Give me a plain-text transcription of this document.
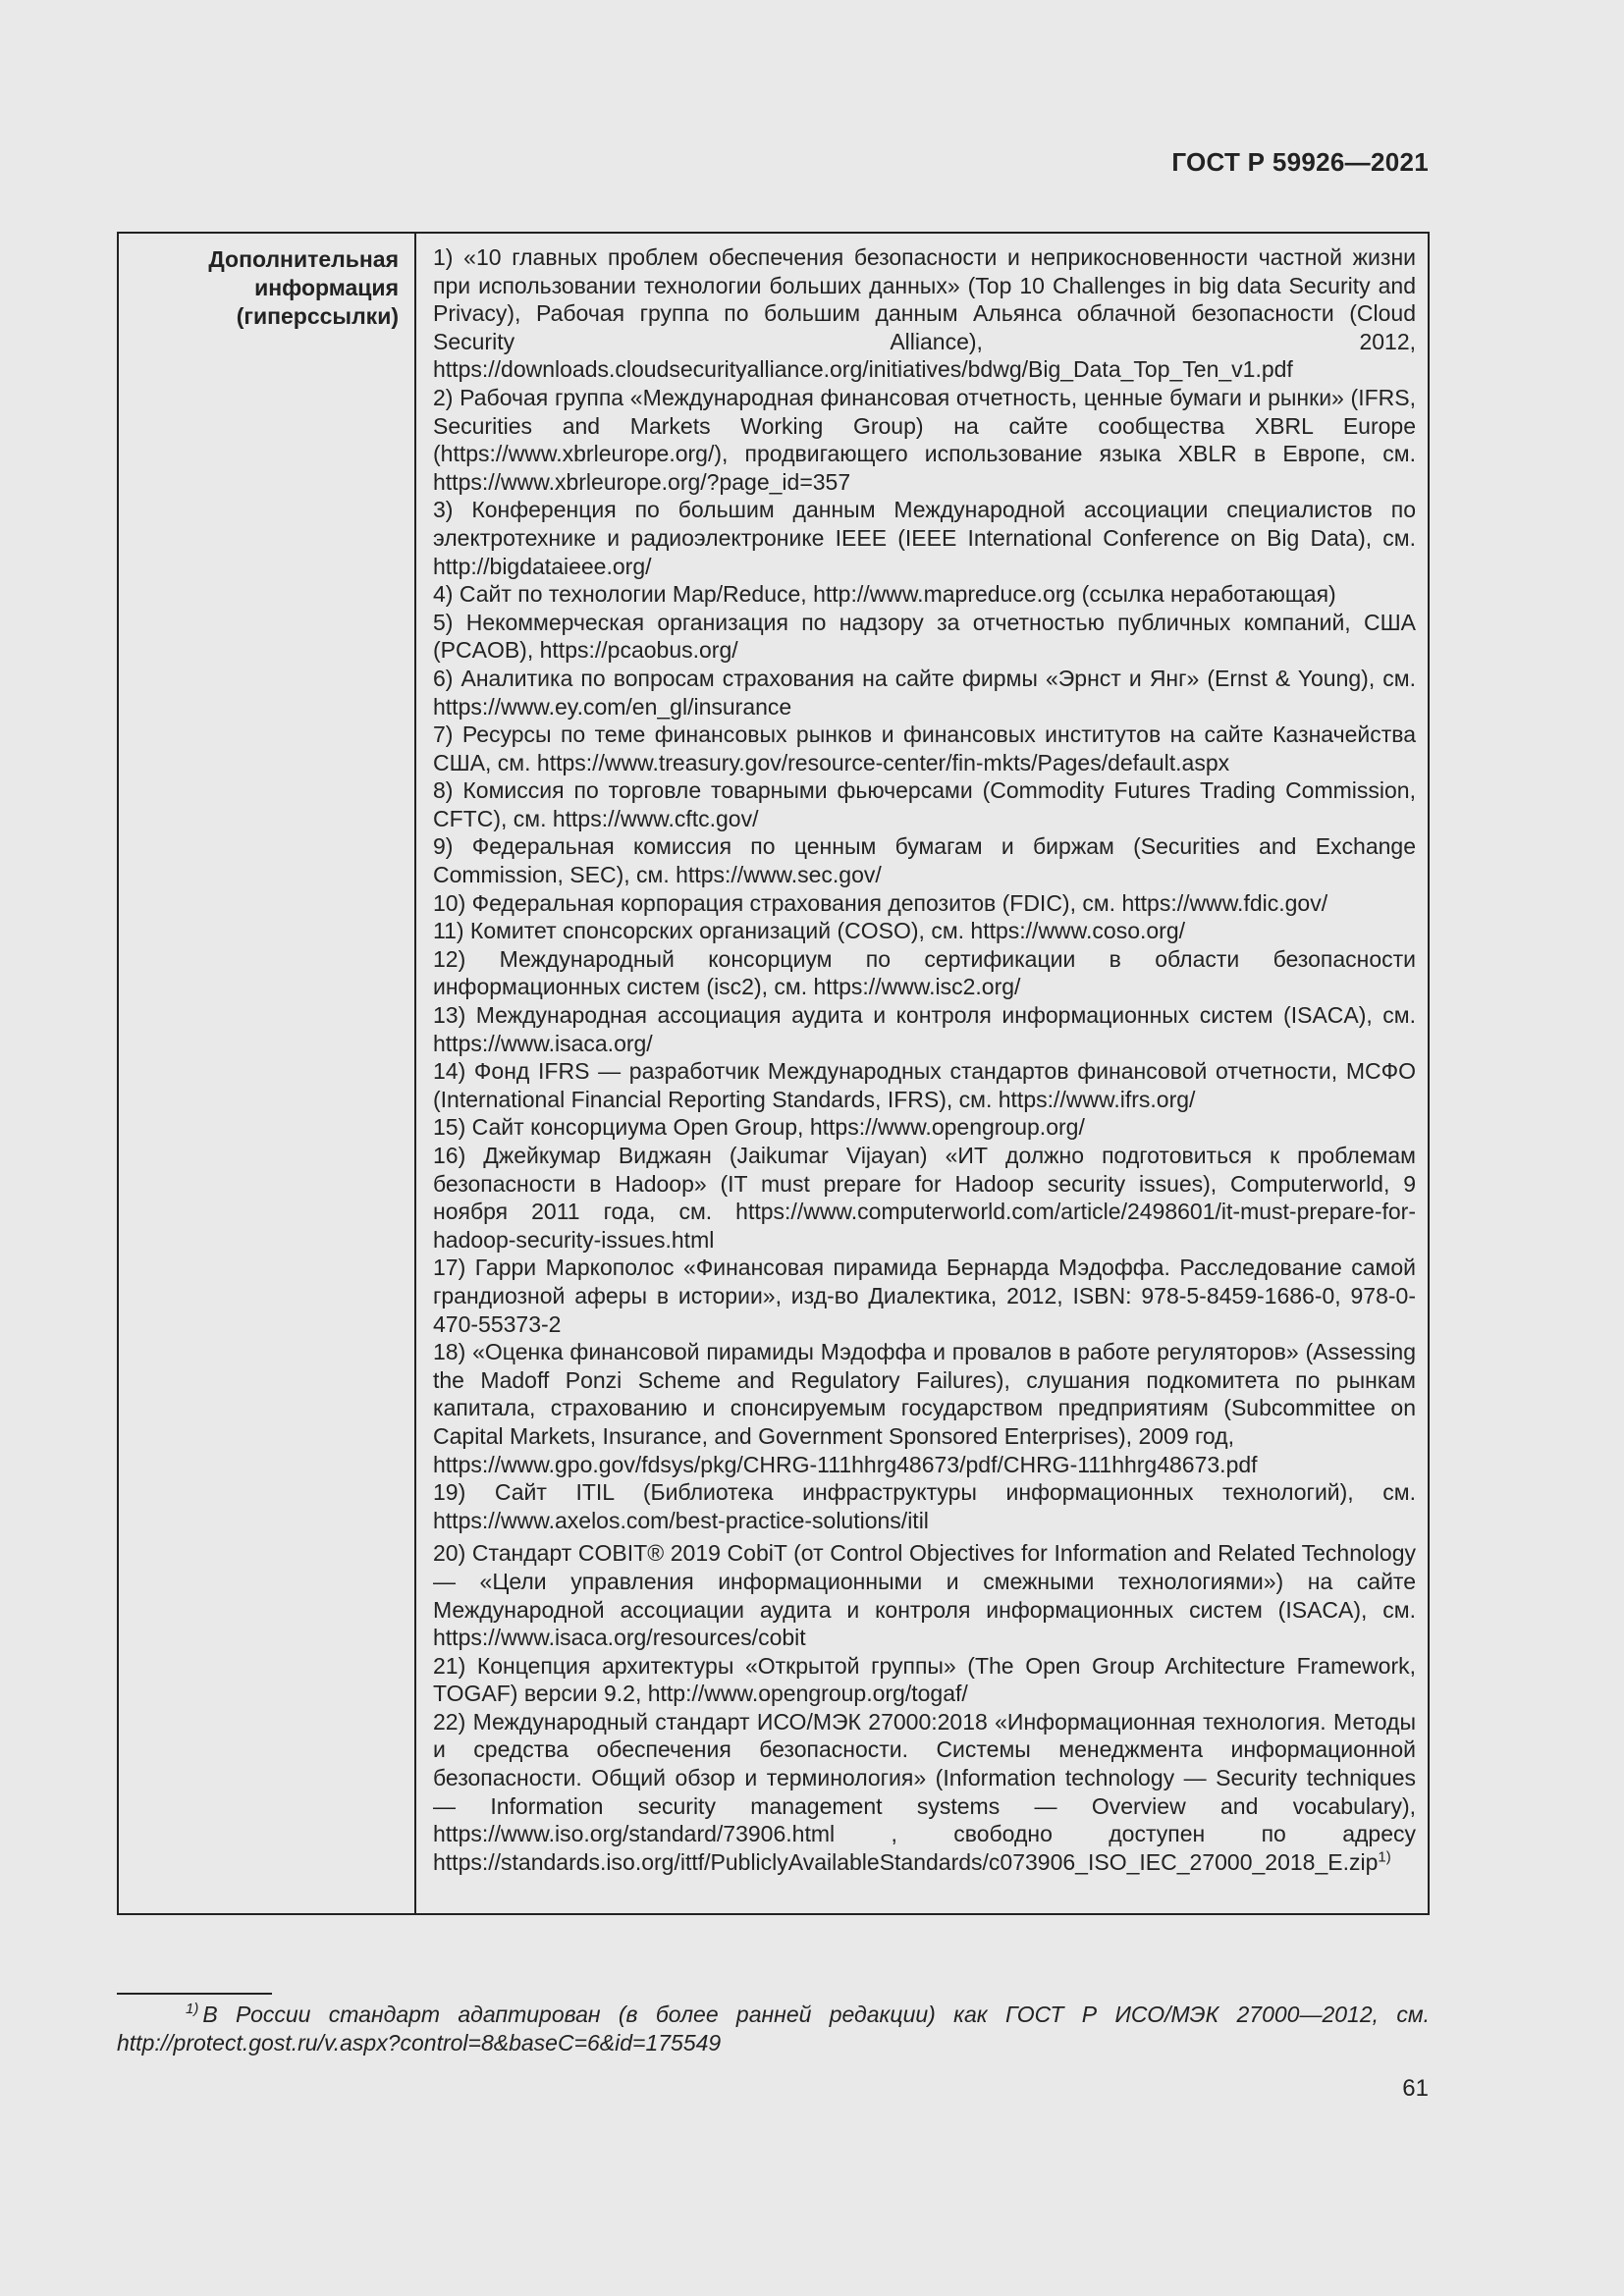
ГОСТ Р 59926—2021
Дополнительная информация (гиперссылки)

1) «10 главных проблем обеспечения безопасности и неприкосновенности частной жизни при использовании технологии больших данных» (Top 10 Challenges in big data Security and Privacy), Рабочая группа по большим данным Альянса облачной безопасности (Cloud Security Alliance), 2012, https://downloads.cloudsecurityalliance.org/initiatives/bdwg/Big_Data_Top_Ten_v1.pdf

2) Рабочая группа «Международная финансовая отчетность, ценные бумаги и рынки» (IFRS, Securities and Markets Working Group) на сайте сообщества XBRL Europe (https://www.xbrleurope.org/), продвигающего использование языка XBLR в Европе, см. https://www.xbrleurope.org/?page_id=357

3) Конференция по большим данным Международной ассоциации специалистов по электротехнике и радиоэлектронике IEEE (IEEE International Conference on Big Data), см. http://bigdataieee.org/

4) Сайт по технологии Map/Reduce, http://www.mapreduce.org (ссылка неработающая)

5) Некоммерческая организация по надзору за отчетностью публичных компаний, США (PCAOB), https://pcaobus.org/

6) Аналитика по вопросам страхования на сайте фирмы «Эрнст и Янг» (Ernst & Young), см. https://www.ey.com/en_gl/insurance

7) Ресурсы по теме финансовых рынков и финансовых институтов на сайте Казначейства США, см. https://www.treasury.gov/resource-center/fin-mkts/Pages/default.aspx

8) Комиссия по торговле товарными фьючерсами (Commodity Futures Trading Commission, CFTC), см. https://www.cftc.gov/

9) Федеральная комиссия по ценным бумагам и биржам (Securities and Exchange Commission, SEC), см. https://www.sec.gov/

10) Федеральная корпорация страхования депозитов (FDIC), см. https://www.fdic.gov/

11) Комитет спонсорских организаций (COSO), см. https://www.coso.org/

12) Международный консорциум по сертификации в области безопасности информационных систем (isc2), см. https://www.isc2.org/

13) Международная ассоциация аудита и контроля информационных систем (ISACA), см. https://www.isaca.org/

14) Фонд IFRS — разработчик Международных стандартов финансовой отчетности, МСФО (International Financial Reporting Standards, IFRS), см. https://www.ifrs.org/

15) Сайт консорциума Open Group, https://www.opengroup.org/

16) Джейкумар Виджаян (Jaikumar Vijayan) «ИТ должно подготовиться к проблемам безопасности в Hadoop» (IT must prepare for Hadoop security issues), Computerworld, 9 ноября 2011 года, см. https://www.computerworld.com/article/2498601/it-must-prepare-for-hadoop-security-issues.html

17) Гарри Маркополос «Финансовая пирамида Бернарда Мэдоффа. Расследование самой грандиозной аферы в истории», изд-во Диалектика, 2012, ISBN: 978-5-8459-1686-0, 978-0-470-55373-2

18) «Оценка финансовой пирамиды Мэдоффа и провалов в работе регуляторов» (Assessing the Madoff Ponzi Scheme and Regulatory Failures), слушания подкомитета по рынкам капитала, страхованию и спонсируемым государством предприятиям (Subcommittee on Capital Markets, Insurance, and Government Sponsored Enterprises), 2009 год,

https://www.gpo.gov/fdsys/pkg/CHRG-111hhrg48673/pdf/CHRG-111hhrg48673.pdf

19) Сайт ITIL (Библиотека инфраструктуры информационных технологий), см. https://www.axelos.com/best-practice-solutions/itil

20) Стандарт COBIT® 2019 CobiT (от Control Objectives for Information and Related Technology — «Цели управления информационными и смежными технологиями») на сайте Международной ассоциации аудита и контроля информационных систем (ISACA), см. https://www.isaca.org/resources/cobit

21) Концепция архитектуры «Открытой группы» (The Open Group Architecture Framework, TOGAF) версии 9.2, http://www.opengroup.org/togaf/

22) Международный стандарт ИСО/МЭК 27000:2018 «Информационная технология. Методы и средства обеспечения безопасности. Системы менеджмента информационной безопасности. Общий обзор и терминология» (Information technology — Security techniques — Information security management systems — Overview and vocabulary), https://www.iso.org/standard/73906.html , свободно доступен по адресу https://standards.iso.org/ittf/PubliclyAvailableStandards/c073906_ISO_IEC_27000_2018_E.zip$^{1)}$

$^{1)}$ В России стандарт адаптирован (в более ранней редакции) как ГОСТ Р ИСО/МЭК 27000—2012, см. http://protect.gost.ru/v.aspx?control=8&baseC=6&id=175549
61
